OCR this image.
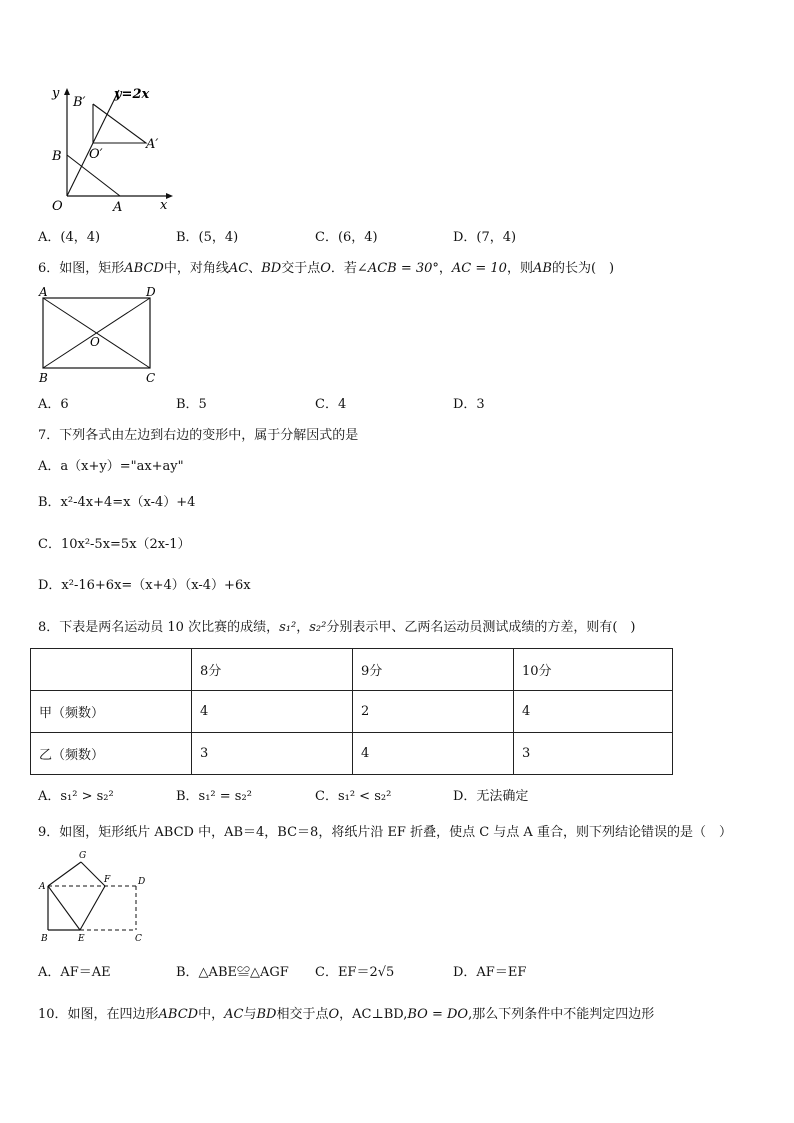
y	y=2x
B′
O′
A′
B
O	A	x
A．(4，4)	B．(5，4)	C．(6，4)	D．(7，4)
6．如图，矩形ABCD中，对角线AC、BD交于点O．若∠ACB = 30°，AC = 10，则AB的长为(　)
A	D
O
B	C
A．6	B．5	C．4	D．3
7．下列各式由左边到右边的变形中，属于分解因式的是
A．a（x+y）="ax+ay"
B．x²-4x+4=x（x-4）+4
C．10x²-5x=5x（2x-1）
D．x²-16+6x=（x+4）（x-4）+6x
8．下表是两名运动员 10 次比赛的成绩，s₁²，s₂²分别表示甲、乙两名运动员测试成绩的方差，则有(　)
	8分	9分	10分
甲（频数）	4	2	4
乙（频数）	3	4	3
A．s₁² > s₂²	B．s₁² = s₂²	C．s₁² < s₂²	D．无法确定
9．如图，矩形纸片 ABCD 中，AB＝4，BC＝8，将纸片沿 EF 折叠，使点 C 与点 A 重合，则下列结论错误的是（　）
G
A
F	D
B	E	C
A．AF＝AE	B．△ABE≌△AGF C．EF＝2√5	D．AF＝EF
10．如图，在四边形ABCD中，AC与BD相交于点O，AC⊥BD,BO = DO,那么下列条件中不能判定四边形
